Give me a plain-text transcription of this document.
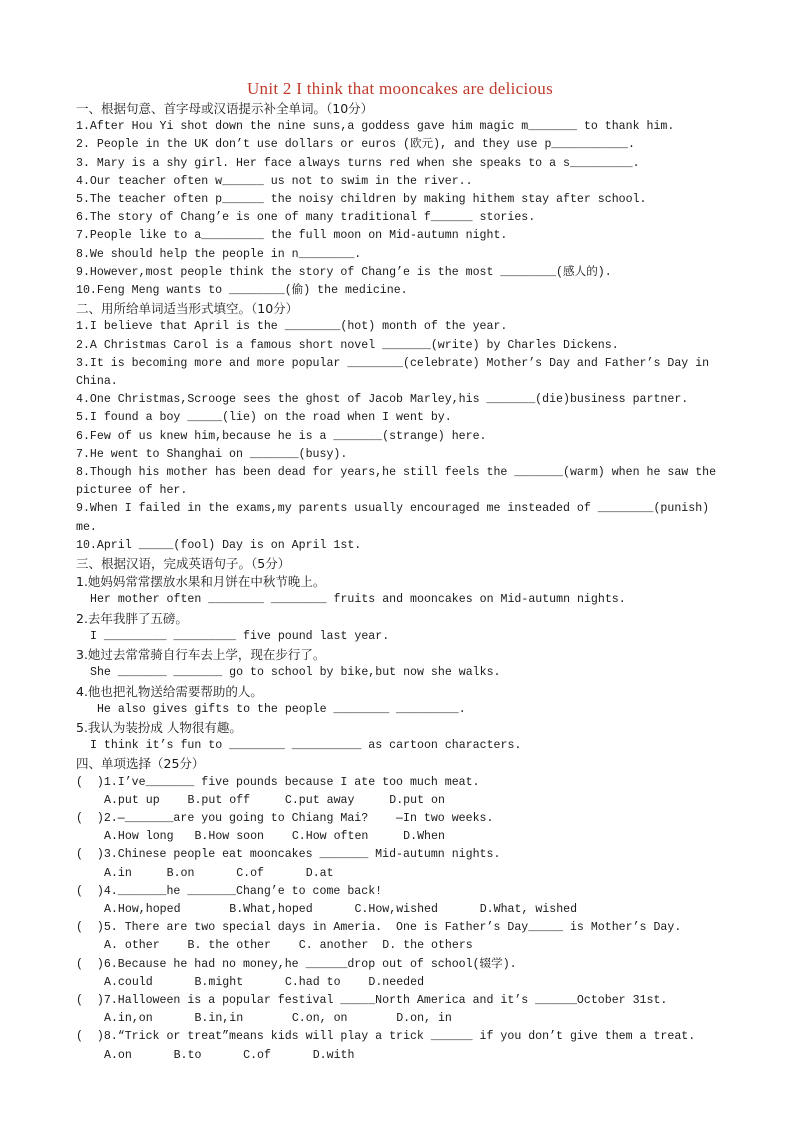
Unit 2 I think that mooncakes are delicious

一、根据句意、首字母或汉语提示补全单词。（10分）

1.After Hou Yi shot down the nine suns,a goddess gave him magic m_______ to thank him.

2. People in the UK don’t use dollars or euros (欧元), and they use p___________.

3. Mary is a shy girl. Her face always turns red when she speaks to a s_________.

4.Our teacher often w______ us not to swim in the river..

5.The teacher often p______ the noisy children by making hithem stay after school.

6.The story of Chang’e is one of many traditional f______ stories.

7.People like to a_________ the full moon on Mid-autumn night.

8.We should help the people in n________.

9.However,most people think the story of Chang’e is the most ________(感人的).

10.Feng Meng wants to ________(偷) the medicine.

二、用所给单词适当形式填空。（10分）

1.I believe that April is the ________(hot) month of the year.

2.A Christmas Carol is a famous short novel _______(write) by Charles Dickens.

3.It is becoming more and more popular ________(celebrate) Mother’s Day and Father’s Day in China.

4.One Christmas,Scrooge sees the ghost of Jacob Marley,his _______(die)business partner.

5.I found a boy _____(lie) on the road when I went by.

6.Few of us knew him,because he is a _______(strange) here.

7.He went to Shanghai on _______(busy).

8.Though his mother has been dead for years,he still feels the _______(warm) when he saw the pictureе of her.

9.When I failed in the exams,my parents usually encouraged me insteaded of ________(punish) me.

10.April _____(fool) Day is on April 1st.

三、根据汉语，完成英语句子。（5分）

1.她妈妈常常摆放水果和月饼在中秋节晚上。

Her mother often ________ ________ fruits and mooncakes on Mid-autumn nights.

2.去年我胖了五磅。

I _________ _________ five pound last year.

3.她过去常常骑自行车去上学，现在步行了。

She _______ _______ go to school by bike,but now she walks.

4.他也把礼物送给需要帮助的人。

He also gives gifts to the people ________ _________.

5.我认为装扮成 人物很有趣。

I think it’s fun to ________ __________ as cartoon characters.

四、单项选择（25分）

(  )1.I’ve_______ five pounds because I ate too much meat.

A.put up    B.put off     C.put away     D.put on

(  )2.—_______are you going to Chiang Mai?    —In two weeks.

A.How long   B.How soon    C.How often     D.When

(  )3.Chinese people eat mooncakes _______ Mid-autumn nights.

A.in     B.on      C.of      D.at

(  )4._______he _______Chang’e to come back!

A.How,hoped       B.What,hoped      C.How,wished      D.What, wished

(  )5. There are two special days in Ameria.  One is Father’s Day_____ is Mother’s Day.

A. other    B. the other    C. another  D. the others

(  )6.Because he had no money,he ______drop out of school(辍学).

A.could      B.might      C.had to    D.needed

(  )7.Halloween is a popular festival _____North America and it’s ______October 31st.

A.in,on      B.in,in       C.on, on       D.on, in

(  )8.“Trick or treat”means kids will play a trick ______ if you don’t give them a treat.

A.on      B.to      C.of      D.with
